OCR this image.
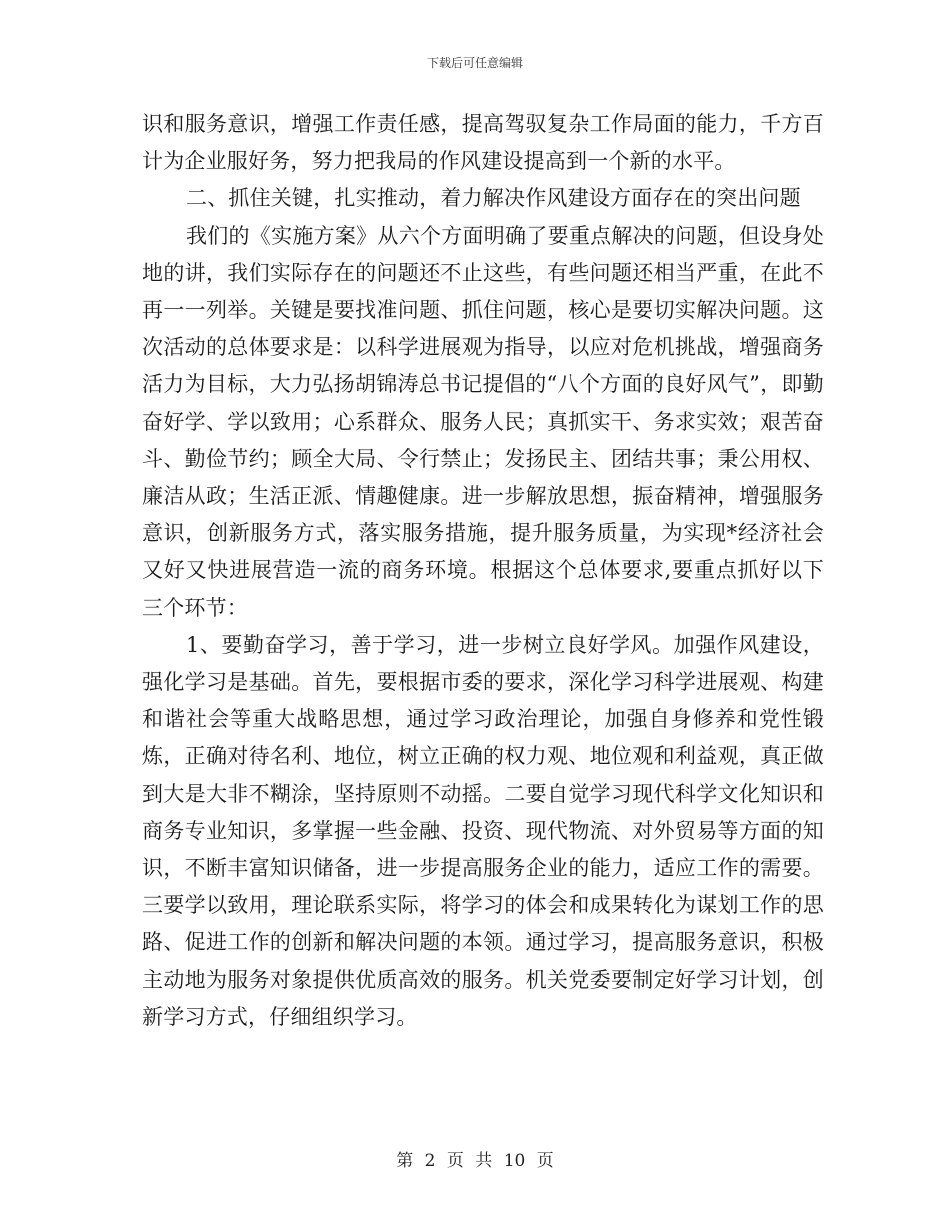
下载后可任意编辑

识和服务意识，增强工作责任感，提高驾驭复杂工作局面的能力，千方百计为企业服好务，努力把我局的作风建设提高到一个新的水平。

二、抓住关键，扎实推动，着力解决作风建设方面存在的突出问题

我们的《实施方案》从六个方面明确了要重点解决的问题，但设身处地的讲，我们实际存在的问题还不止这些，有些问题还相当严重，在此不再一一列举。关键是要找准问题、抓住问题，核心是要切实解决问题。这次活动的总体要求是：以科学进展观为指导，以应对危机挑战，增强商务活力为目标，大力弘扬胡锦涛总书记提倡的“八个方面的良好风气”，即勤奋好学、学以致用；心系群众、服务人民；真抓实干、务求实效；艰苦奋斗、勤俭节约；顾全大局、令行禁止；发扬民主、团结共事；秉公用权、廉洁从政；生活正派、情趣健康。进一步解放思想，振奋精神，增强服务意识，创新服务方式，落实服务措施，提升服务质量，为实现*经济社会又好又快进展营造一流的商务环境。根据这个总体要求,要重点抓好以下三个环节：

1、要勤奋学习，善于学习，进一步树立良好学风。加强作风建设，强化学习是基础。首先，要根据市委的要求，深化学习科学进展观、构建和谐社会等重大战略思想，通过学习政治理论，加强自身修养和党性锻炼，正确对待名利、地位，树立正确的权力观、地位观和利益观，真正做到大是大非不糊涂，坚持原则不动摇。二要自觉学习现代科学文化知识和商务专业知识，多掌握一些金融、投资、现代物流、对外贸易等方面的知识，不断丰富知识储备，进一步提高服务企业的能力，适应工作的需要。三要学以致用，理论联系实际，将学习的体会和成果转化为谋划工作的思路、促进工作的创新和解决问题的本领。通过学习，提高服务意识，积极主动地为服务对象提供优质高效的服务。机关党委要制定好学习计划，创新学习方式，仔细组织学习。

第 2 页 共 10 页
